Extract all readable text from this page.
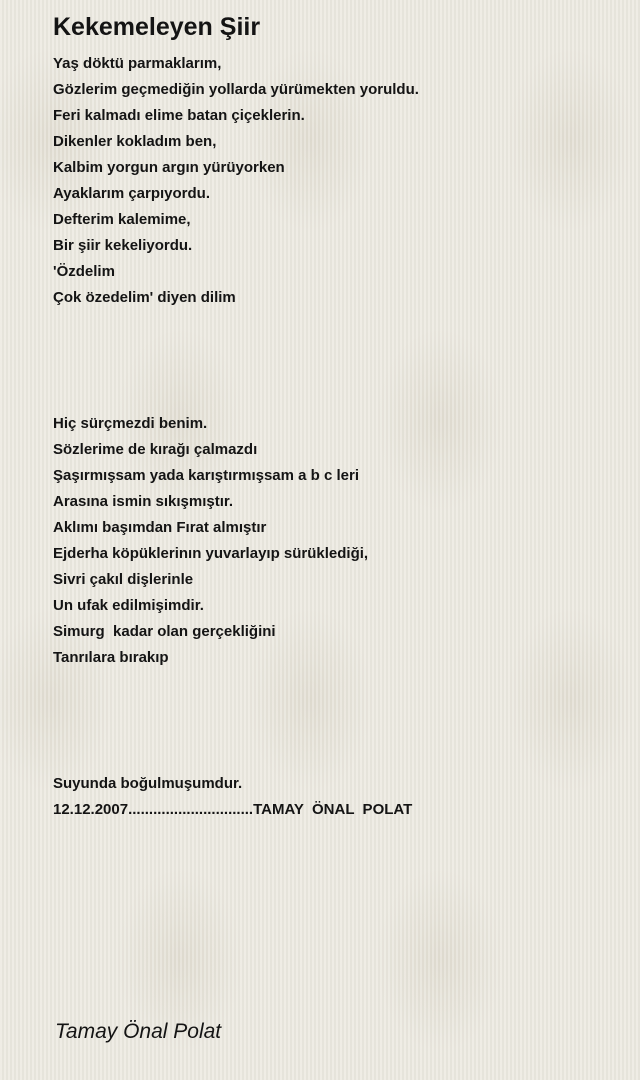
Kekemeleyen Şiir
Yaş döktü parmaklarım,
Gözlerim geçmediğin yollarda yürümekten yoruldu.
Feri kalmadı elime batan çiçeklerin.
Dikenler kokladım ben,
Kalbim yorgun argın yürüyorken
Ayaklarım çarpıyordu.
Defterim kalemime,
Bir şiir kekeliyordu.
'Özdelim
Çok özedelim' diyen dilim
Hiç sürçmezdi benim.
Sözlerime de kırağı çalmazdı
Şaşırmışsam yada karıştırmışsam a b c leri
Arasına ismin sıkışmıştır.
Aklımı başımdan Fırat almıştır
Ejderha köpüklerinın yuvarlayıp sürüklediği,
Sivri çakıl dişlerinle
Un ufak edilmişimdir.
Simurg  kadar olan gerçekliğini
Tanrılara bırakıp
Suyunda boğulmuşumdur.
12.12.2007..............................TAMAY  ÖNAL  POLAT

Tamay Önal Polat
